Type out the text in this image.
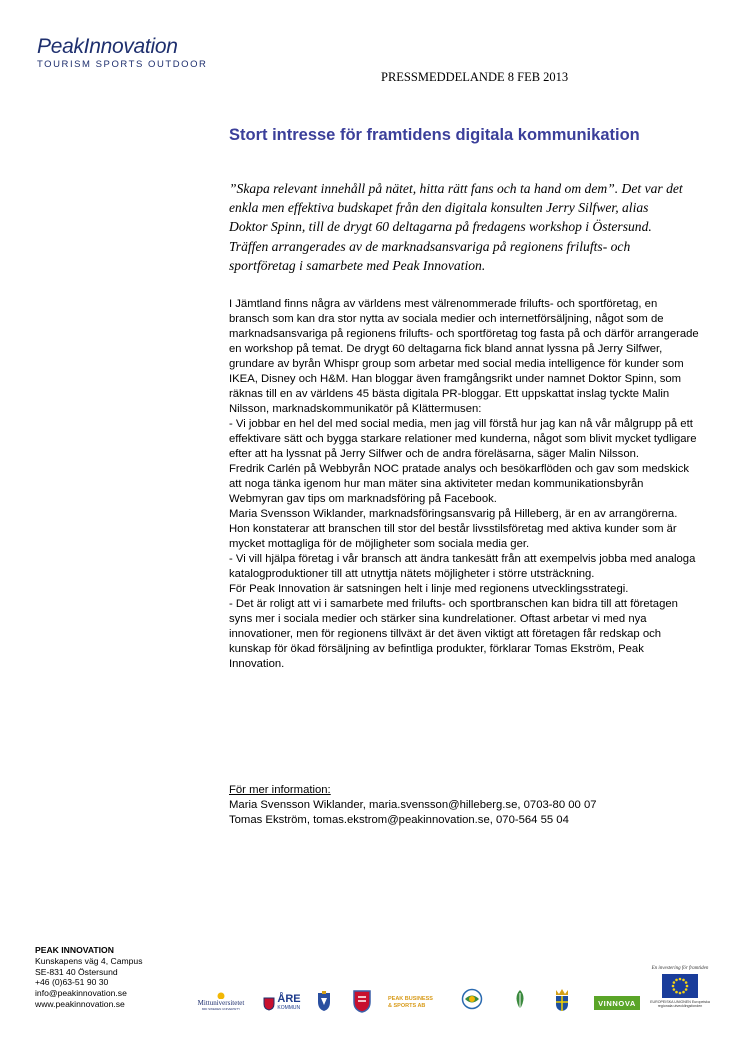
PeakInnovation
TOURISM SPORTS OUTDOOR
PRESSMEDDELANDE 8 FEB 2013
Stort intresse för framtidens digitala kommunikation
”Skapa relevant innehåll på nätet, hitta rätt fans och ta hand om dem”. Det var det enkla men effektiva budskapet från den digitala konsulten Jerry Silfwer, alias Doktor Spinn, till de drygt 60 deltagarna på fredagens workshop i Östersund. Träffen arrangerades av de marknadsansvariga på regionens frilufts- och sportföretag i samarbete med Peak Innovation.

I Jämtland finns några av världens mest välrenommerade frilufts- och sportföretag, en bransch som kan dra stor nytta av sociala medier och internetförsäljning, något som de marknadsansvariga på regionens frilufts- och sportföretag tog fasta på och därför arrangerade en workshop på temat. De drygt 60 deltagarna fick bland annat lyssna på Jerry Silfwer, grundare av byrån Whispr group som arbetar med social media intelligence för kunder som IKEA, Disney och H&M. Han bloggar även framgångsrikt under namnet Doktor Spinn, som räknas till en av världens 45 bästa digitala PR-bloggar. Ett uppskattat inslag tyckte Malin Nilsson, marknadskommunikatör på Klättermusen:

- Vi jobbar en hel del med social media, men jag vill förstå hur jag kan nå vår målgrupp på ett effektivare sätt och bygga starkare relationer med kunderna, något som blivit mycket tydligare efter att ha lyssnat på Jerry Silfwer och de andra föreläsarna, säger Malin Nilsson.

Fredrik Carlén på Webbyrån NOC pratade analys och besökarflöden och gav som medskick att noga tänka igenom hur man mäter sina aktiviteter medan kommunikationsbyrån Webmyran gav tips om marknadsföring på Facebook.

Maria Svensson Wiklander, marknadsföringsansvarig på Hilleberg, är en av arrangörerna. Hon konstaterar att branschen till stor del består livsstilsföretag med aktiva kunder som är mycket mottagliga för de möjligheter som sociala media ger.

- Vi vill hjälpa företag i vår bransch att ändra tankesätt från att exempelvis jobba med analoga katalogproduktioner till att utnyttja nätets möjligheter i större utsträckning.

För Peak Innovation är satsningen helt i linje med regionens utvecklingsstrategi.

- Det är roligt att vi i samarbete med frilufts- och sportbranschen kan bidra till att företagen syns mer i sociala medier och stärker sina kundrelationer. Oftast arbetar vi med nya innovationer, men för regionens tillväxt är det även viktigt att företagen får redskap och kunskap för ökad försäljning av befintliga produkter, förklarar Tomas Ekström, Peak Innovation.

För mer information:
Maria Svensson Wiklander, maria.svensson@hilleberg.se, 0703-80 00 07
Tomas Ekström, tomas.ekstrom@peakinnovation.se, 070-564 55 04
PEAK INNOVATION
Kunskapens väg 4, Campus
SE-831 40 Östersund
+46 (0)63-51 90 30
info@peakinnovation.se
www.peakinnovation.se	Mittuniversitetet
MID SWEDEN UNIVERSITY
ÅRE
KOMMUN
PEAK BUSINESS
& SPORTS AB	VINNOVA
En investering för framtiden
EUROPEISKA UNIONEN Europeiska regionala utvecklingsfonden
